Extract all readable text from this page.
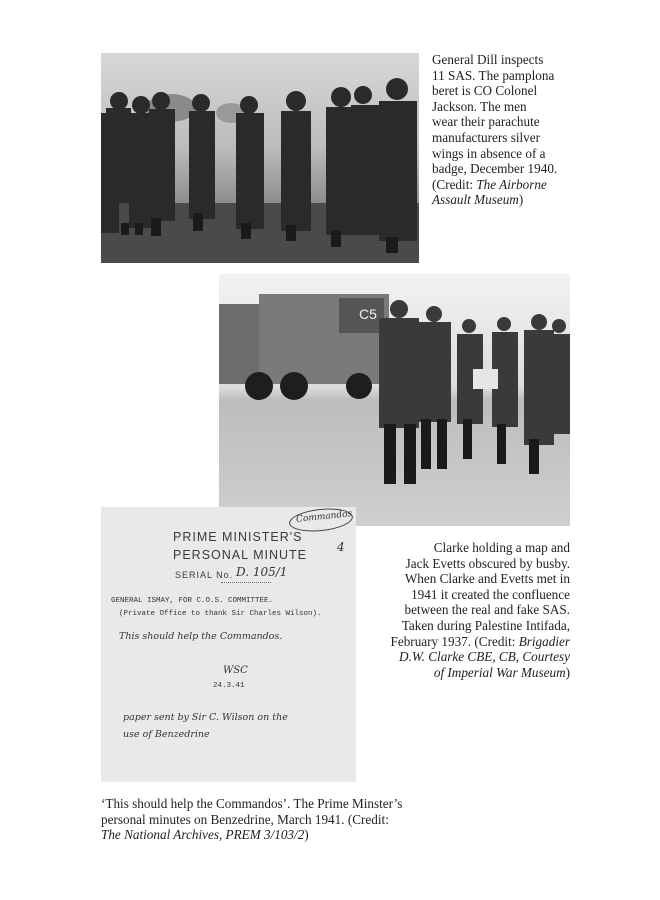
General Dill inspects
11 SAS. The pamplona
beret is CO Colonel
Jackson. The men
wear their parachute
manufacturers silver
wings in absence of a
badge, December 1940.
(Credit: The Airborne
Assault Museum)
C5
Commandos
4
PRIME MINISTER'S
PERSONAL MINUTE
SERIAL No. D. 105/1
GENERAL ISMAY, FOR C.O.S. COMMITTEE.
(Private Office to thank Sir Charles Wilson).
This should help the Commandos.
WSC
24.3.41
paper sent by Sir C. Wilson on the
use of Benzedrine
Clarke holding a map and
Jack Evetts obscured by busby.
When Clarke and Evetts met in
1941 it created the confluence
between the real and fake SAS.
Taken during Palestine Intifada,
February 1937. (Credit: Brigadier
D.W. Clarke CBE, CB, Courtesy
of Imperial War Museum)
‘This should help the Commandos’. The Prime Minster’s
personal minutes on Benzedrine, March 1941. (Credit:
The National Archives, PREM 3/103/2)
